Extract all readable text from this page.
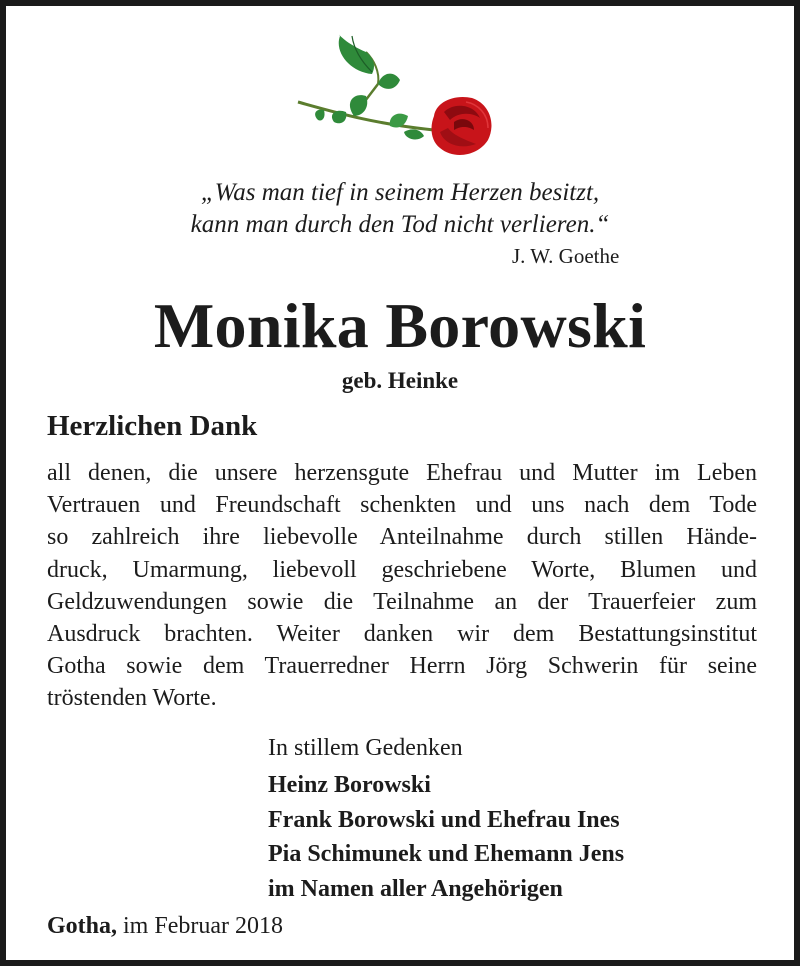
„Was man tief in seinem Herzen besitzt,
kann man durch den Tod nicht verlieren.“
J. W. Goethe
Monika Borowski
geb. Heinke
Herzlichen Dank
all denen, die unsere herzensgute Ehefrau und Mutter im Leben
Vertrauen und Freundschaft schenkten und uns nach dem Tode
so zahlreich ihre liebevolle Anteilnahme durch stillen Hände-
druck, Umarmung, liebevoll geschriebene Worte, Blumen und
Geldzuwendungen sowie die Teilnahme an der Trauerfeier zum
Ausdruck brachten. Weiter danken wir dem Bestattungsinstitut
Gotha sowie dem Trauerredner Herrn Jörg Schwerin für seine
tröstenden Worte.
In stillem Gedenken
Heinz Borowski
Frank Borowski und Ehefrau Ines
Pia Schimunek und Ehemann Jens
im Namen aller Angehörigen
Gotha, im Februar 2018
